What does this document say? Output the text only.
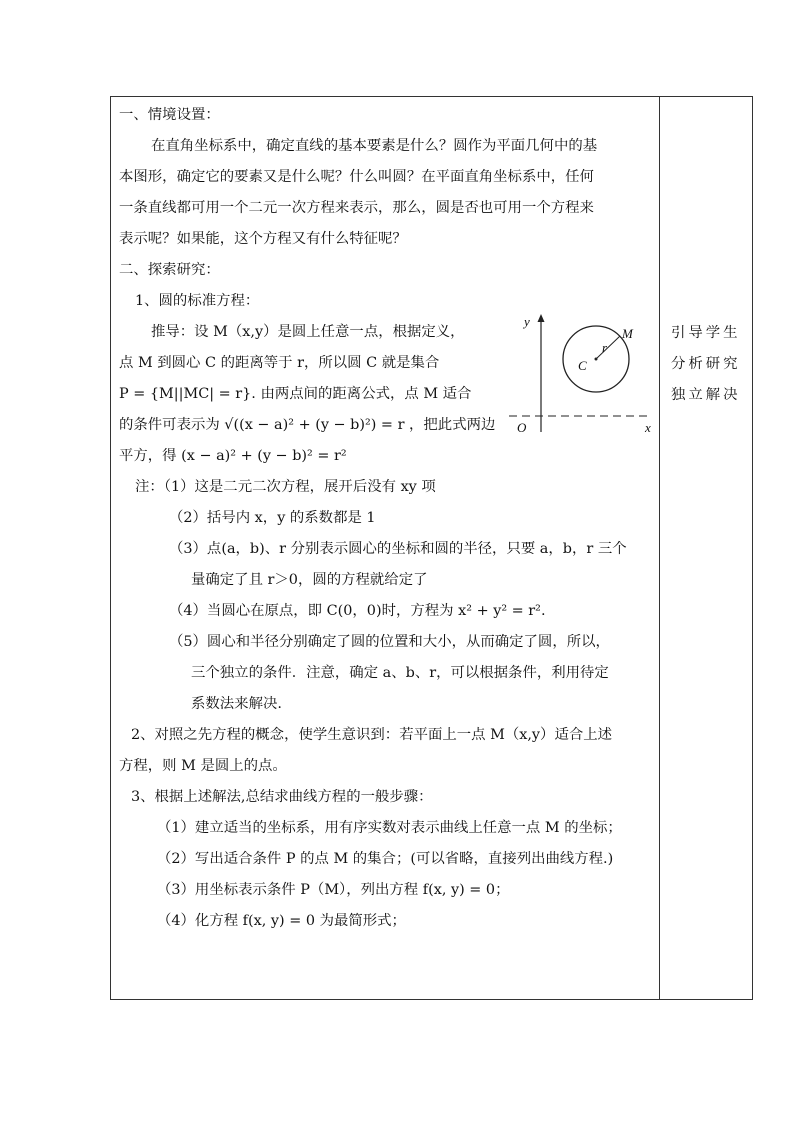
一、情境设置：
在直角坐标系中，确定直线的基本要素是什么？圆作为平面几何中的基
本图形，确定它的要素又是什么呢？什么叫圆？在平面直角坐标系中，任何
一条直线都可用一个二元一次方程来表示，那么，圆是否也可用一个方程来
表示呢？如果能，这个方程又有什么特征呢？
二、探索研究：
1、圆的标准方程：
推导：设 M（x,y）是圆上任意一点，根据定义，
点 M 到圆心 C 的距离等于 r，所以圆 C 就是集合
P = {M||MC| = r}. 由两点间的距离公式，点 M 适合
的条件可表示为 √((x − a)² + (y − b)²) = r ，把此式两边
平方，得 (x − a)² + (y − b)² = r²
注：（1）这是二元二次方程，展开后没有 xy 项
（2）括号内 x，y 的系数都是 1
（3）点(a，b)、r 分别表示圆心的坐标和圆的半径，只要 a，b，r 三个
量确定了且 r＞0，圆的方程就给定了
（4）当圆心在原点，即 C(0，0)时，方程为 x² + y² = r².
（5）圆心和半径分别确定了圆的位置和大小，从而确定了圆，所以，
三个独立的条件．注意，确定 a、b、r，可以根据条件，利用待定
系数法来解决.
2、对照之先方程的概念，使学生意识到：若平面上一点 M（x,y）适合上述
方程，则 M 是圆上的点。
3、根据上述解法,总结求曲线方程的一般步骤：
（1）建立适当的坐标系，用有序实数对表示曲线上任意一点 M 的坐标；
（2）写出适合条件 P 的点 M 的集合；(可以省略，直接列出曲线方程.)
（3）用坐标表示条件 P（M），列出方程 f(x, y) = 0；
（4）化方程 f(x, y) = 0 为最简形式；
y
x
O
C
r
M	引导学生
分析研究
独立解决
